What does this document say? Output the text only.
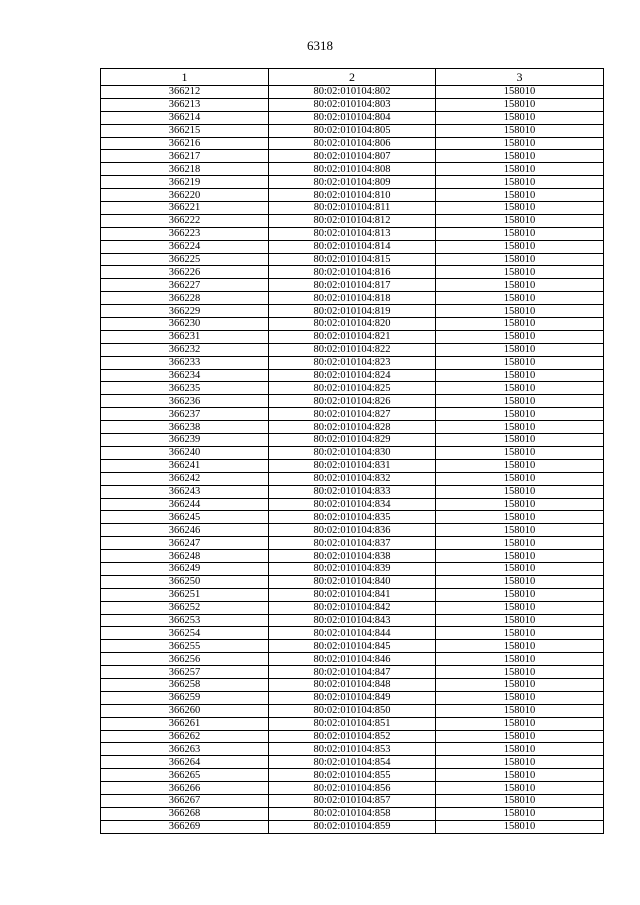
6318
1	2	3
366212	80:02:010104:802	158010
366213	80:02:010104:803	158010
366214	80:02:010104:804	158010
366215	80:02:010104:805	158010
366216	80:02:010104:806	158010
366217	80:02:010104:807	158010
366218	80:02:010104:808	158010
366219	80:02:010104:809	158010
366220	80:02:010104:810	158010
366221	80:02:010104:811	158010
366222	80:02:010104:812	158010
366223	80:02:010104:813	158010
366224	80:02:010104:814	158010
366225	80:02:010104:815	158010
366226	80:02:010104:816	158010
366227	80:02:010104:817	158010
366228	80:02:010104:818	158010
366229	80:02:010104:819	158010
366230	80:02:010104:820	158010
366231	80:02:010104:821	158010
366232	80:02:010104:822	158010
366233	80:02:010104:823	158010
366234	80:02:010104:824	158010
366235	80:02:010104:825	158010
366236	80:02:010104:826	158010
366237	80:02:010104:827	158010
366238	80:02:010104:828	158010
366239	80:02:010104:829	158010
366240	80:02:010104:830	158010
366241	80:02:010104:831	158010
366242	80:02:010104:832	158010
366243	80:02:010104:833	158010
366244	80:02:010104:834	158010
366245	80:02:010104:835	158010
366246	80:02:010104:836	158010
366247	80:02:010104:837	158010
366248	80:02:010104:838	158010
366249	80:02:010104:839	158010
366250	80:02:010104:840	158010
366251	80:02:010104:841	158010
366252	80:02:010104:842	158010
366253	80:02:010104:843	158010
366254	80:02:010104:844	158010
366255	80:02:010104:845	158010
366256	80:02:010104:846	158010
366257	80:02:010104:847	158010
366258	80:02:010104:848	158010
366259	80:02:010104:849	158010
366260	80:02:010104:850	158010
366261	80:02:010104:851	158010
366262	80:02:010104:852	158010
366263	80:02:010104:853	158010
366264	80:02:010104:854	158010
366265	80:02:010104:855	158010
366266	80:02:010104:856	158010
366267	80:02:010104:857	158010
366268	80:02:010104:858	158010
366269	80:02:010104:859	158010
